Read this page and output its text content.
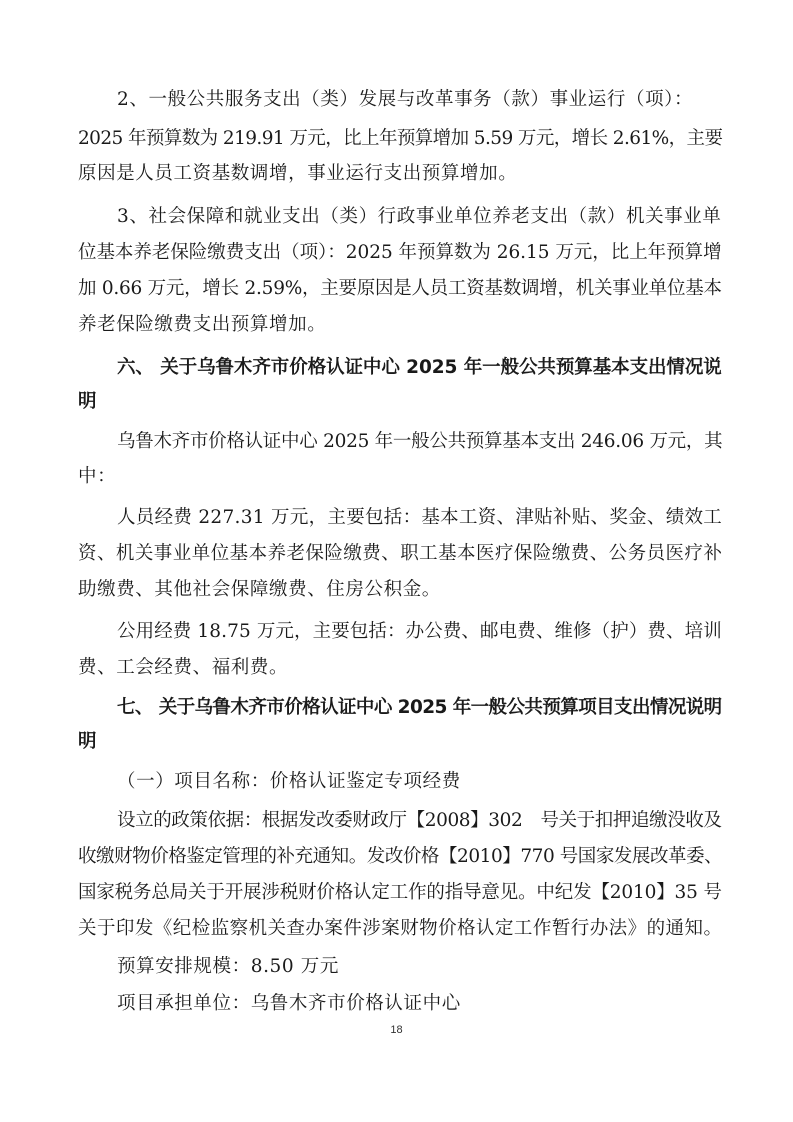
2、一般公共服务支出（类）发展与改革事务（款）事业运行（项）：
2025 年预算数为 219.91 万元，比上年预算增加 5.59 万元，增长 2.61%，主要
原因是人员工资基数调增，事业运行支出预算增加。
3、社会保障和就业支出（类）行政事业单位养老支出（款）机关事业单
位基本养老保险缴费支出（项）：2025 年预算数为 26.15 万元，比上年预算增
加 0.66 万元，增长 2.59%，主要原因是人员工资基数调增，机关事业单位基本
养老保险缴费支出预算增加。
六、 关于乌鲁木齐市价格认证中心 2025 年一般公共预算基本支出情况说
明
乌鲁木齐市价格认证中心 2025 年一般公共预算基本支出 246.06 万元，其
中：
人员经费 227.31 万元，主要包括：基本工资、津贴补贴、奖金、绩效工
资、机关事业单位基本养老保险缴费、职工基本医疗保险缴费、公务员医疗补
助缴费、其他社会保障缴费、住房公积金。
公用经费 18.75 万元，主要包括：办公费、邮电费、维修（护）费、培训
费、工会经费、福利费。
七、 关于乌鲁木齐市价格认证中心 2025 年一般公共预算项目支出情况说明
明
（一）项目名称：价格认证鉴定专项经费
设立的政策依据：根据发改委财政厅【2008】302　号关于扣押追缴没收及
收缴财物价格鉴定管理的补充通知。发改价格【2010】770 号国家发展改革委、
国家税务总局关于开展涉税财价格认定工作的指导意见。中纪发【2010】35 号
关于印发《纪检监察机关查办案件涉案财物价格认定工作暂行办法》的通知。
预算安排规模：8.50 万元
项目承担单位：乌鲁木齐市价格认证中心
18
